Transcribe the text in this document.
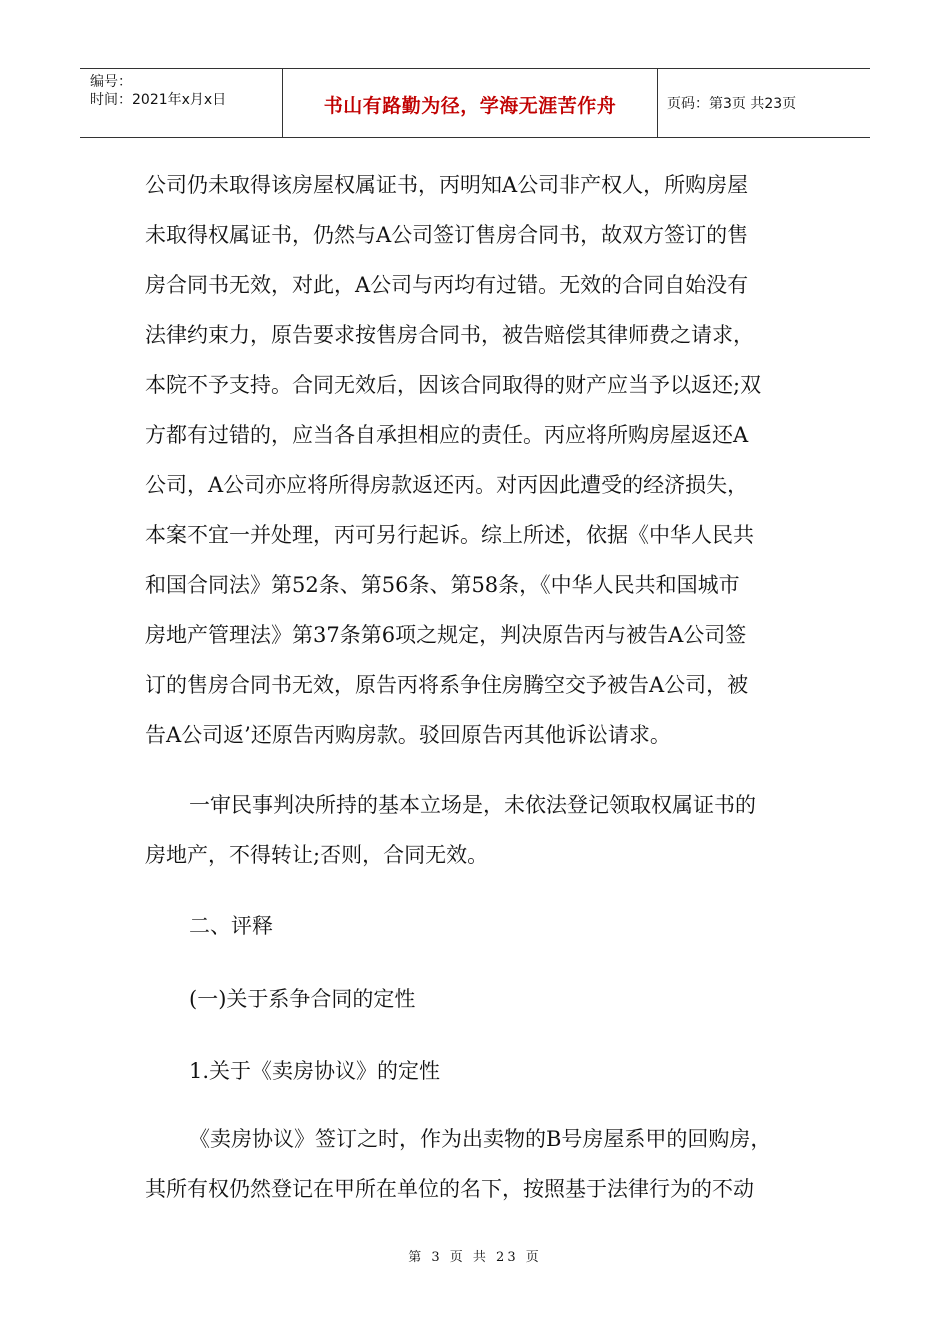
编号：
时间：2021年x月x日	书山有路勤为径，学海无涯苦作舟	页码：第3页 共23页
公司仍未取得该房屋权属证书，丙明知A公司非产权人，所购房屋
未取得权属证书，仍然与A公司签订售房合同书，故双方签订的售
房合同书无效，对此，A公司与丙均有过错。无效的合同自始没有
法律约束力，原告要求按售房合同书，被告赔偿其律师费之请求，
本院不予支持。合同无效后，因该合同取得的财产应当予以返还;双
方都有过错的，应当各自承担相应的责任。丙应将所购房屋返还A
公司，A公司亦应将所得房款返还丙。对丙因此遭受的经济损失，
本案不宜一并处理，丙可另行起诉。综上所述，依据《中华人民共
和国合同法》第52条、第56条、第58条，《中华人民共和国城市
房地产管理法》第37条第6项之规定，判决原告丙与被告A公司签
订的售房合同书无效，原告丙将系争住房腾空交予被告A公司，被
告A公司返’还原告丙购房款。驳回原告丙其他诉讼请求。
一审民事判决所持的基本立场是，未依法登记领取权属证书的
房地产，不得转让;否则，合同无效。
二、评释
(一)关于系争合同的定性
1.关于《卖房协议》的定性
《卖房协议》签订之时，作为出卖物的B号房屋系甲的回购房，
其所有权仍然登记在甲所在单位的名下，按照基于法律行为的不动
第 3 页 共 23 页
